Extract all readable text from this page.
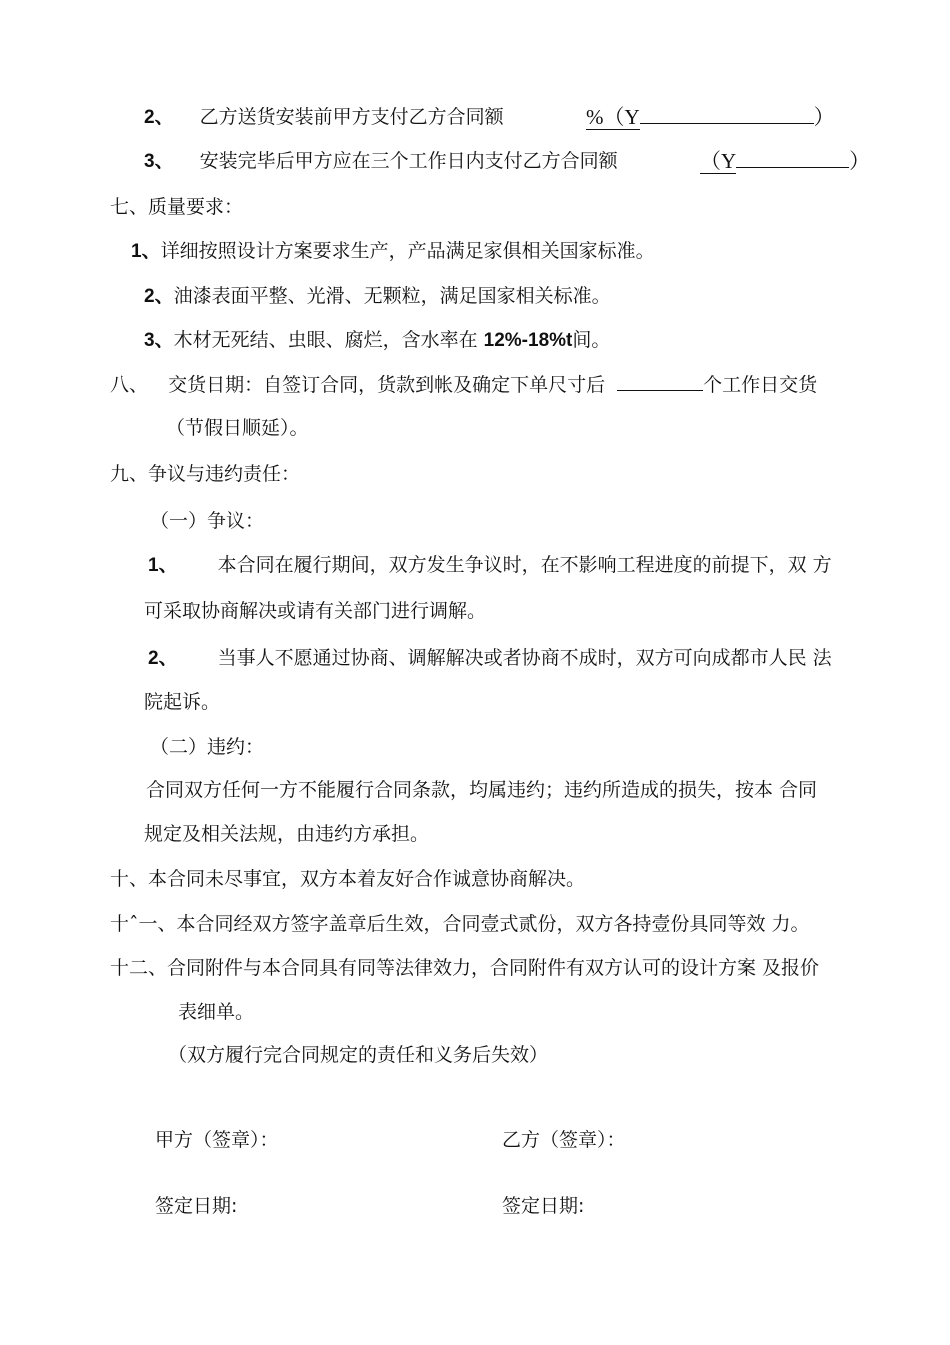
2、 乙方送货安装前甲方支付乙方合同额	%（Y	）
3、 安装完毕后甲方应在三个工作日内支付乙方合同额	（Y	）
七、质量要求：
1、详细按照设计方案要求生产，产品满足家俱相关国家标准。
2、油漆表面平整、光滑、无颗粒，满足国家相关标准。
3、木材无死结、虫眼、腐烂，含水率在 12%-18%t间。
八、 交货日期：自签订合同，货款到帐及确定下单尺寸后	个工作日交货
（节假日顺延）。
九、争议与违约责任：
（一）争议：
1、 本合同在履行期间，双方发生争议时，在不影响工程进度的前提下，双 方
可采取协商解决或请有关部门进行调解。
2、 当事人不愿通过协商、调解解决或者协商不成时，双方可向成都市人民 法
院起诉。
（二）违约：
合同双方任何一方不能履行合同条款，均属违约；违约所造成的损失，按本 合同
规定及相关法规，由违约方承担。
十、本合同未尽事宜，双方本着友好合作诚意协商解决。
十ˆ一、本合同经双方签字盖章后生效，合同壹式贰份，双方各持壹份具同等效 力。
十二、合同附件与本合同具有同等法律效力，合同附件有双方认可的设计方案 及报价
表细单。
（双方履行完合同规定的责任和义务后失效）
甲方（签章）：	乙方（签章）：
签定日期:	签定日期:
